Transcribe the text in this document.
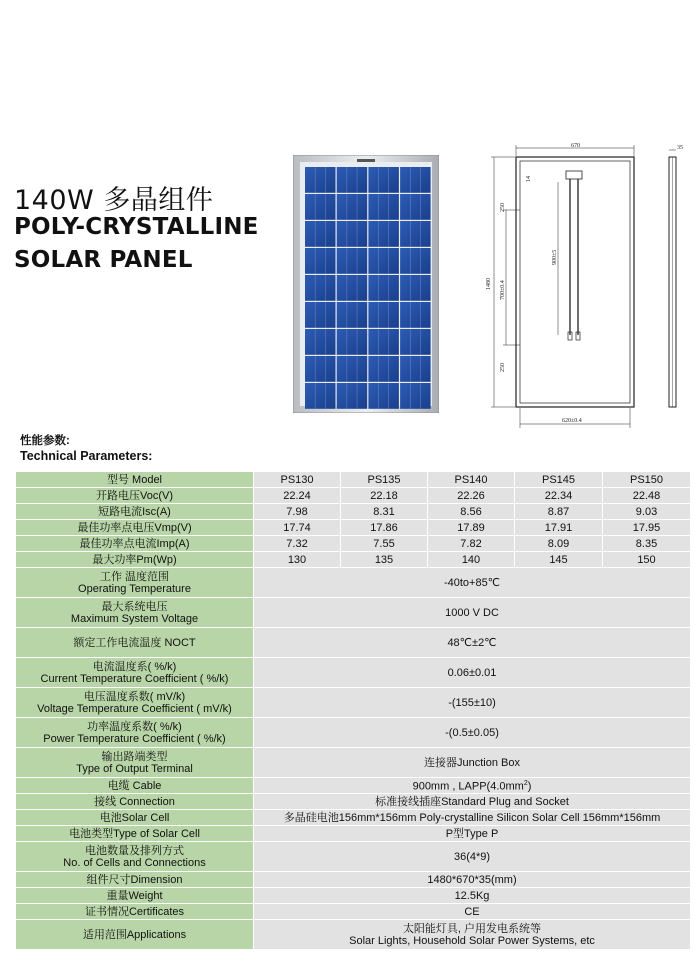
140W 多晶组件
POLY-CRYSTALLINE
SOLAR PANEL
670
1480 700±0.4
250
250
14
900±5
620±0.4
35
性能参数:
Technical Parameters:
型号 Model	PS130	PS135	PS140	PS145	PS150
开路电压Voc(V)	22.24	22.18	22.26	22.34	22.48
短路电流Isc(A)	7.98	8.31	8.56	8.87	9.03
最佳功率点电压Vmp(V)	17.74	17.86	17.89	17.91	17.95
最佳功率点电流Imp(A)	7.32	7.55	7.82	8.09	8.35
最大功率Pm(Wp)	130	135	140	145	150

工作 温度范围
Operating Temperature	-40to+85℃				

最大系统电压
Maximum System Voltage	1000 V DC				
额定工作电流温度 NOCT	48℃±2℃				

电流温度系( %/k)
Current Temperature Coefficient ( %/k)	0.06±0.01				

电压温度系数( mV/k)
Voltage Temperature Coefficient ( mV/k)	-(155±10)				

功率温度系数( %/k)
Power Temperature Coefficient ( %/k)	-(0.5±0.05)				

输出路端类型
Type of Output Terminal	连接器Junction Box				
电缆 Cable	900mm , $LAPP(4.0mm^2)$				
接线 Connection	标准接线插座Standard Plug and Socket				
电池Solar Cell	多晶硅电池156mm*156mm Poly-crystalline Silicon Solar Cell 156mm*156mm				
电池类型Type of Solar Cell	P型Type P				

电池数量及排列方式
No. of Cells and Connections	36(4*9)				
组件尺寸Dimension	1480*670*35(mm)				
重量Weight	12.5Kg				
证书情况Certificates	CE				
适用范围Applications	太阳能灯具, 户用发电系统等
Solar Lights, Household Solar Power Systems, etc				
